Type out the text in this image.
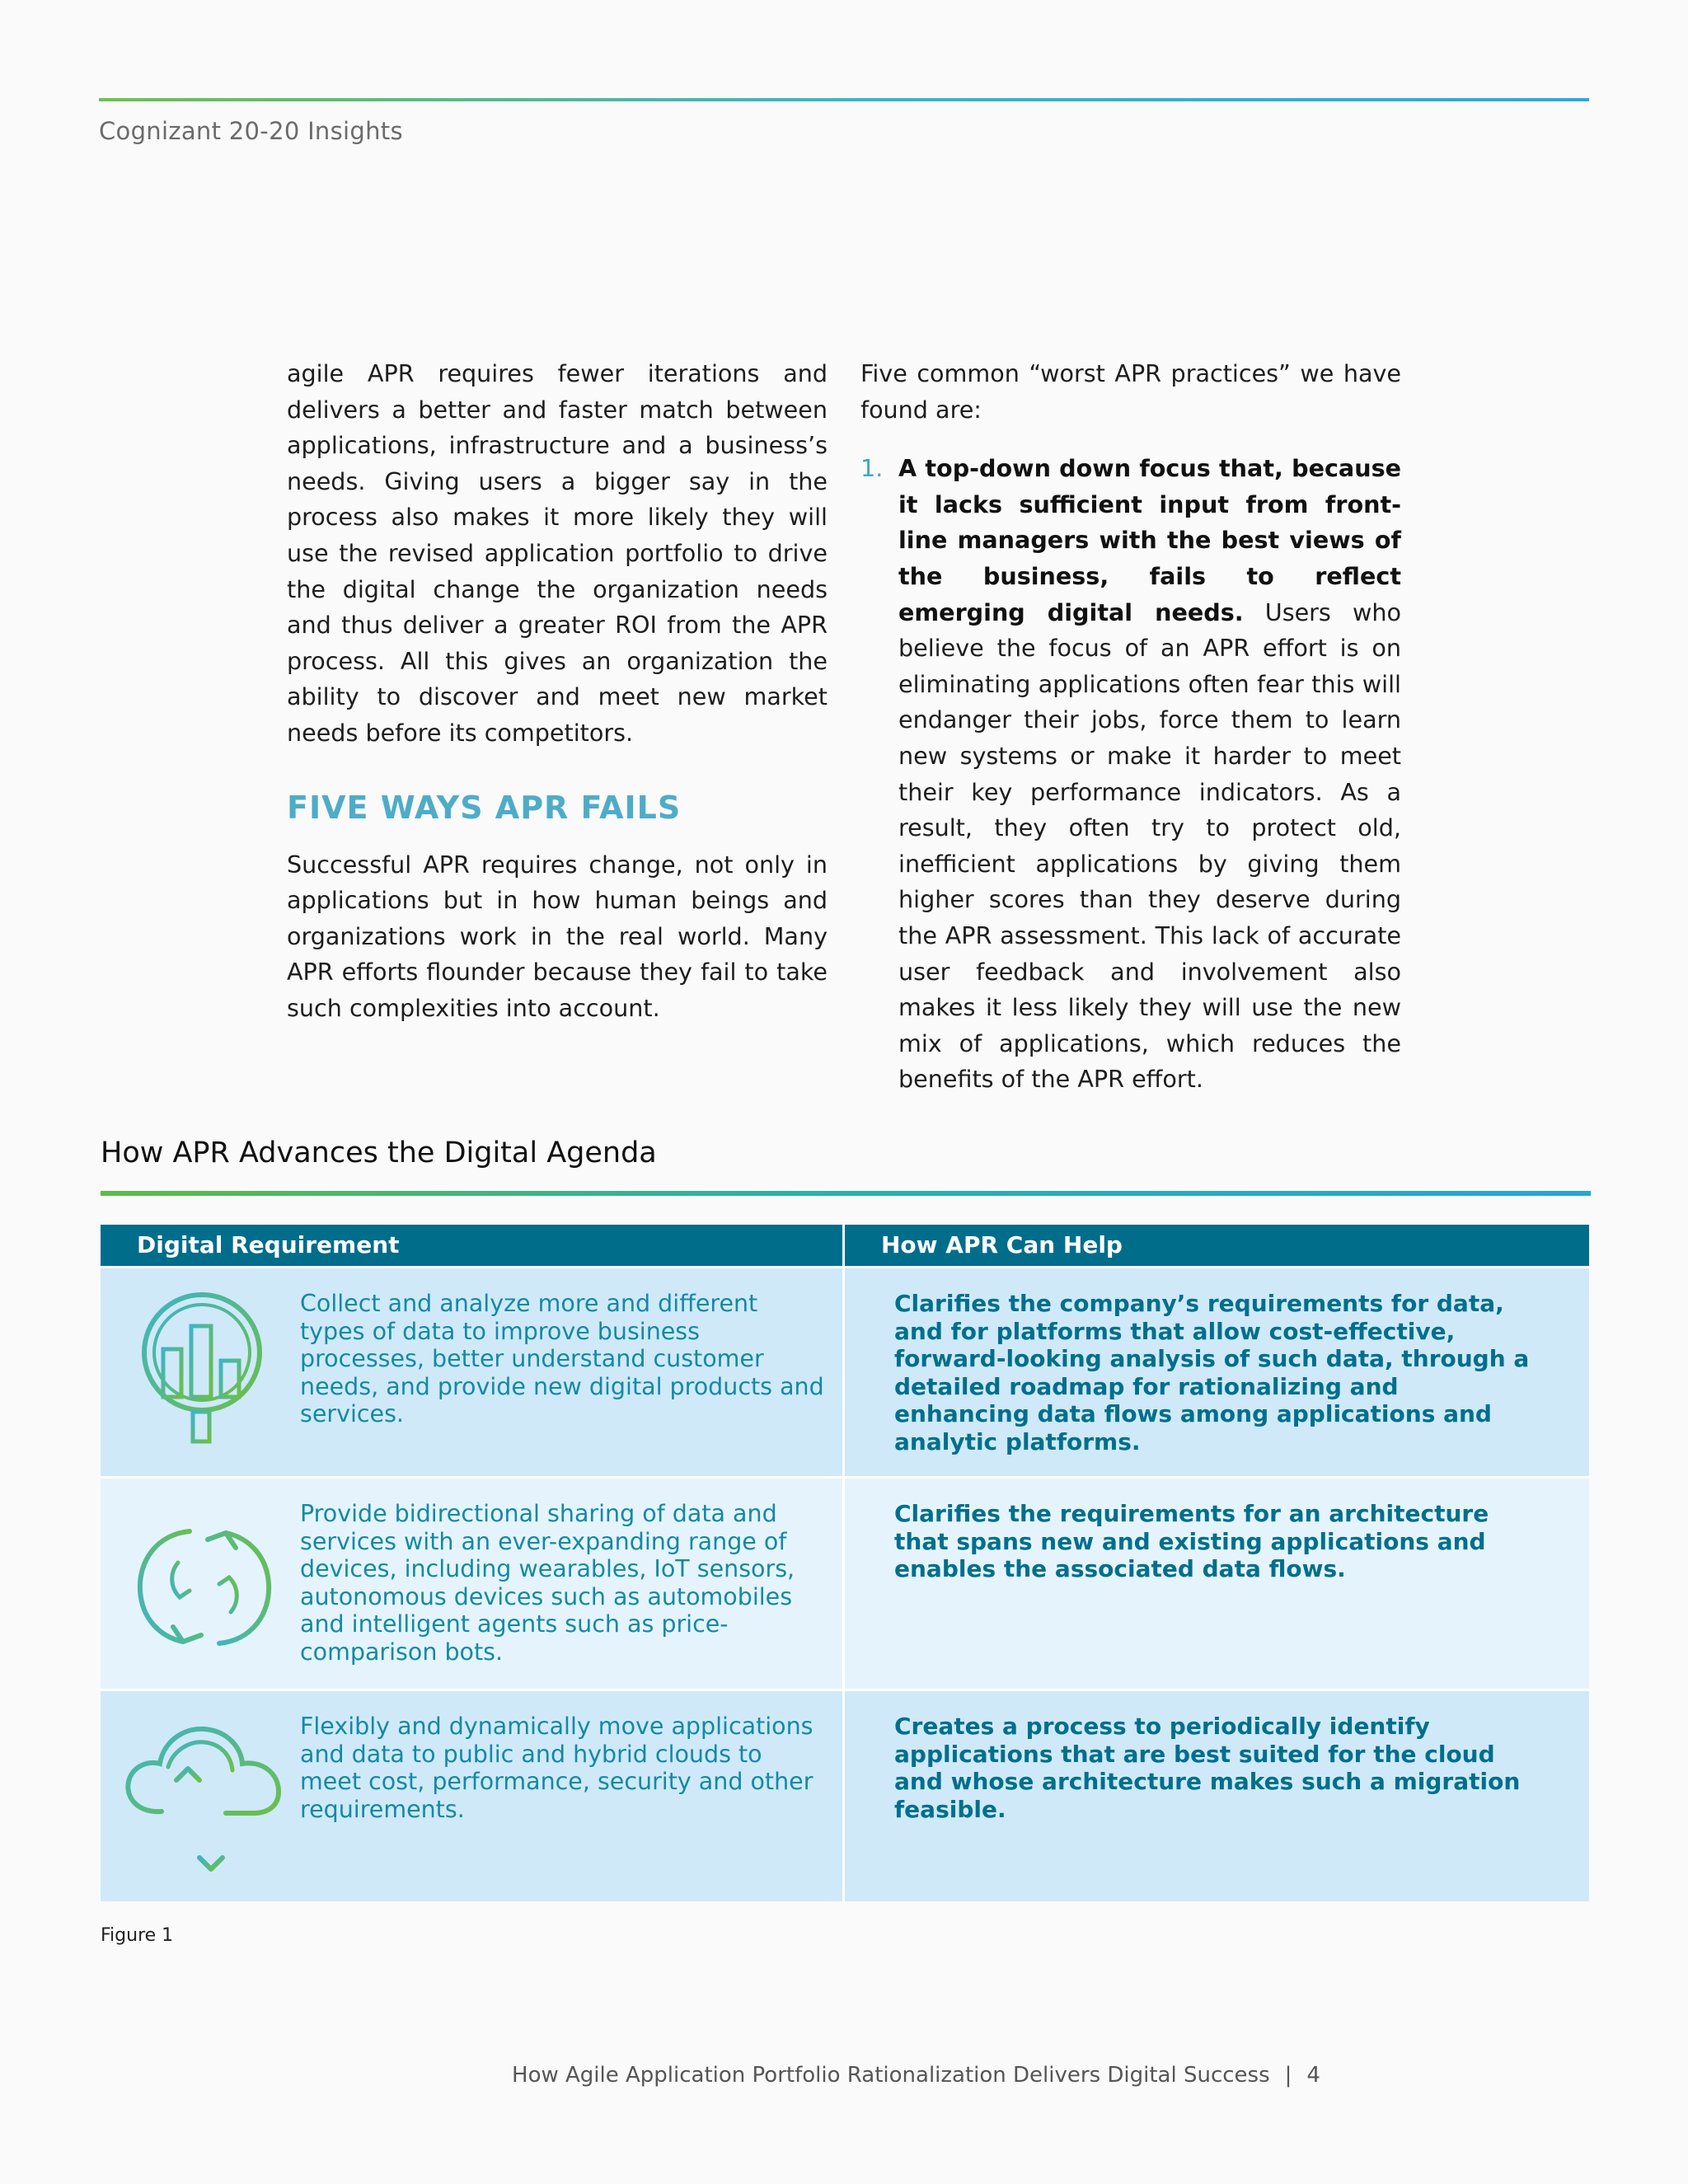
Cognizant 20-20 Insights

agile APR requires fewer iterations and delivers a better and faster match between applications, infrastructure and a business’s needs. Giving users a bigger say in the process also makes it more likely they will use the revised application portfolio to drive the digital change the organization needs and thus deliver a greater ROI from the APR process. All this gives an organization the ability to discover and meet new market needs before its competitors.

FIVE WAYS APR FAILS

Successful APR requires change, not only in applications but in how human beings and organizations work in the real world. Many APR efforts flounder because they fail to take such complexities into account.

Five common “worst APR practices” we have found are:

1. A top-down down focus that, because it lacks sufficient input from front-line managers with the best views of the business, fails to reflect emerging digital needs. Users who believe the focus of an APR effort is on eliminating applications often fear this will endanger their jobs, force them to learn new systems or make it harder to meet their key performance indicators. As a result, they often try to protect old, inefficient applications by giving them higher scores than they deserve during the APR assessment. This lack of accurate user feedback and involvement also makes it less likely they will use the new mix of applications, which reduces the benefits of the APR effort.

How APR Advances the Digital Agenda
Digital Requirement	How APR Can Help
Collect and analyze more and different types of data to improve business processes, better understand customer needs, and provide new digital products and services.
Clarifies the company’s requirements for data, and for platforms that allow cost-effective, forward-looking analysis of such data, through a detailed roadmap for rationalizing and enhancing data flows among applications and analytic platforms.
Provide bidirectional sharing of data and services with an ever-expanding range of devices, including wearables, IoT sensors, autonomous devices such as automobiles and intelligent agents such as price-comparison bots.
Clarifies the requirements for an architecture that spans new and existing applications and enables the associated data flows.
Flexibly and dynamically move applications and data to public and hybrid clouds to meet cost, performance, security and other requirements.
Creates a process to periodically identify applications that are best suited for the cloud and whose architecture makes such a migration feasible.
Figure 1
How Agile Application Portfolio Rationalization Delivers Digital Success | 4
